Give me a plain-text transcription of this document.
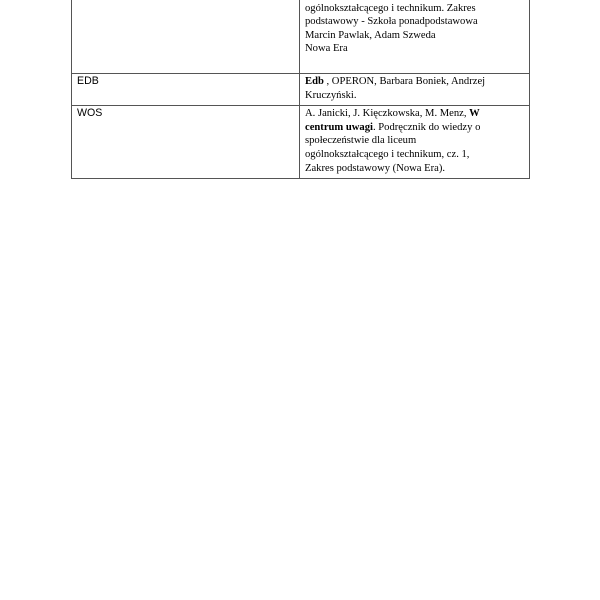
	ogólnokształcącego i technikum. Zakres
podstawowy - Szkoła ponadpodstawowa
Marcin Pawlak, Adam Szweda
Nowa Era

EDB	Edb , OPERON, Barbara Boniek, Andrzej
Kruczyński.

WOS	A. Janicki, J. Kięczkowska, M. Menz, W
centrum uwagi. Podręcznik do wiedzy o
społeczeństwie dla liceum
ogólnokształcącego i technikum, cz. 1,
Zakres podstawowy (Nowa Era).
